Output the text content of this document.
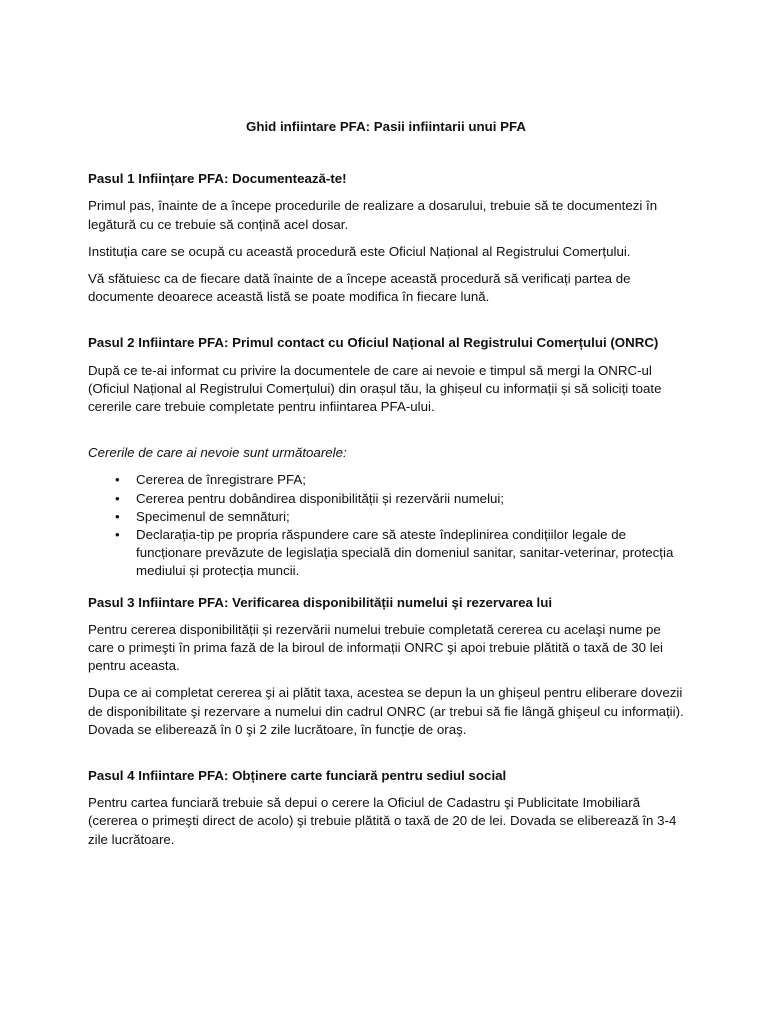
Ghid infiintare PFA: Pasii infiintarii unui PFA
Pasul 1 Inființare PFA: Documentează-te!
Primul pas, înainte de a începe procedurile de realizare a dosarului, trebuie să te documentezi în legătură cu ce trebuie să conțină acel dosar.
Instituția care se ocupă cu această procedură este Oficiul Național al Registrului Comerțului.
Vă sfătuiesc ca de fiecare dată înainte de a începe această procedură să verificați partea de documente deoarece această listă se poate modifica în fiecare lună.
Pasul 2 Infiintare PFA: Primul contact cu Oficiul Național al Registrului Comerțului (ONRC)
După ce te-ai informat cu privire la documentele de care ai nevoie e timpul să mergi la ONRC-ul (Oficiul Național al Registrului Comerțului) din orașul tău, la ghișeul cu informații și să soliciți toate cererile care trebuie completate pentru infiintarea PFA-ului.
Cererile de care ai nevoie sunt următoarele:
• Cererea de înregistrare PFA;
• Cererea pentru dobândirea disponibilității și rezervării numelui;
• Specimenul de semnături;
• Declarația-tip pe propria răspundere care să ateste îndeplinirea condițiilor legale de funcționare prevăzute de legislația specială din domeniul sanitar, sanitar-veterinar, protecția mediului și protecția muncii.
Pasul 3 Infiintare PFA: Verificarea disponibilității numelui şi rezervarea lui
Pentru cererea disponibilității și rezervării numelui trebuie completată cererea cu acelaşi nume pe care o primeşti în prima fază de la biroul de informații ONRC şi apoi trebuie plătită o taxă de 30 lei pentru aceasta.
Dupa ce ai completat cererea şi ai plătit taxa, acestea se depun la un ghişeul pentru eliberare dovezii de disponibilitate şi rezervare a numelui din cadrul ONRC (ar trebui să fie lângă ghişeul cu informații). Dovada se eliberează în 0 şi 2 zile lucrătoare, în funcție de oraş.
Pasul 4 Infiintare PFA: Obținere carte funciară pentru sediul social
Pentru cartea funciară trebuie să depui o cerere la Oficiul de Cadastru şi Publicitate Imobiliară (cererea o primeşti direct de acolo) şi trebuie plătită o taxă de 20 de lei. Dovada se eliberează în 3-4 zile lucrătoare.
